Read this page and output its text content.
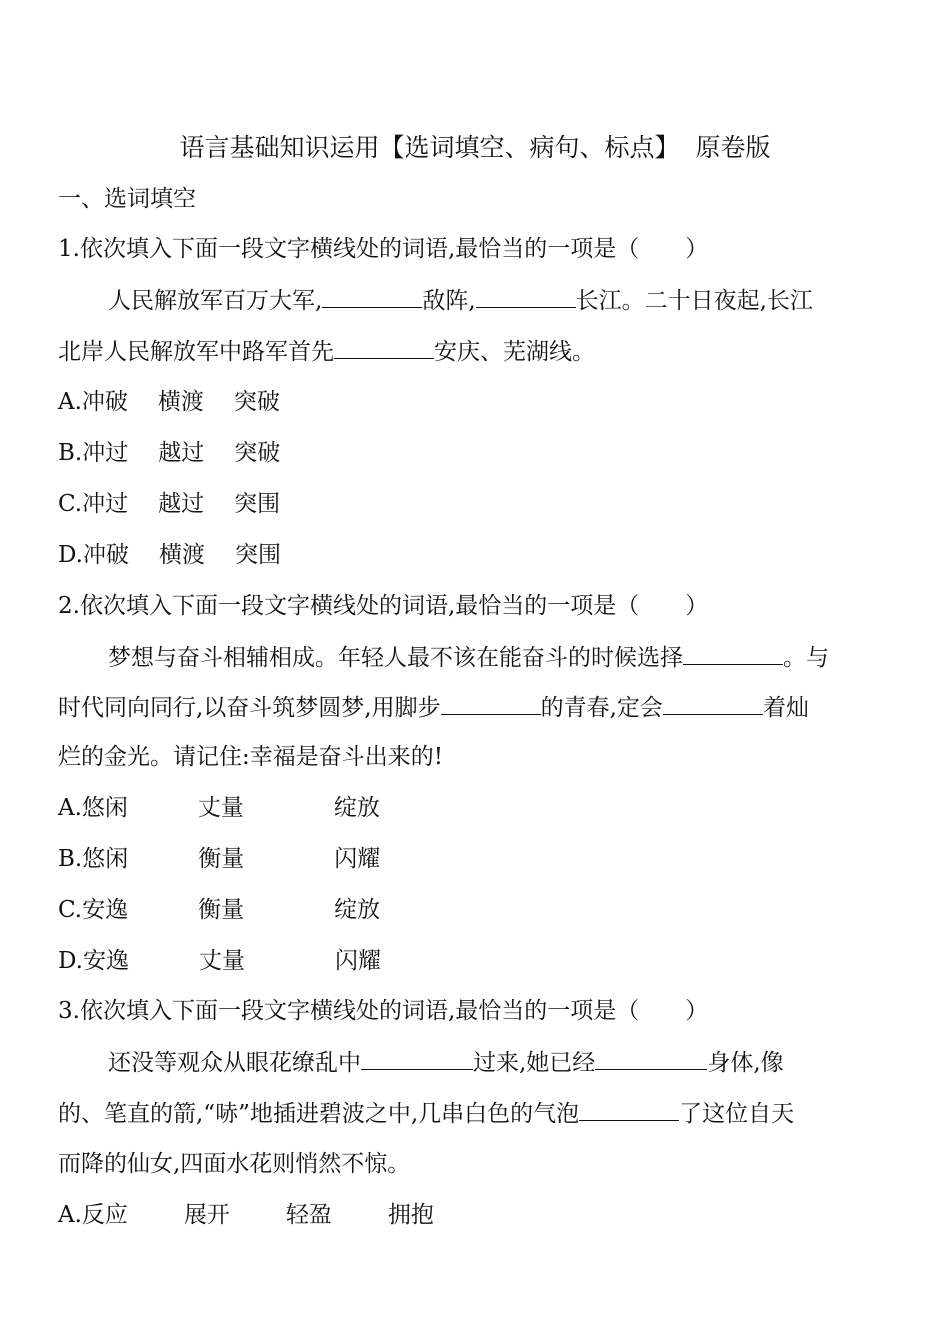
语言基础知识运用【选词填空、病句、标点】  原卷版
一、选词填空
1.依次填入下面一段文字横线处的词语,最恰当的一项是（　　）
人民解放军百万大军,	敌阵,	长江。二十日夜起,长江
北岸人民解放军中路军首先	安庆、芜湖线。
A.冲破 横渡 突破
B.冲过 越过 突破
C.冲过 越过 突围
D.冲破 横渡 突围
2.依次填入下面一段文字横线处的词语,最恰当的一项是（　　）
梦想与奋斗相辅相成。年轻人最不该在能奋斗的时候选择	。与
时代同向同行,以奋斗筑梦圆梦,用脚步	的青春,定会	着灿
烂的金光。请记住:幸福是奋斗出来的!
A.悠闲	丈量	绽放
B.悠闲	衡量	闪耀
C.安逸	衡量	绽放
D.安逸	丈量	闪耀
3.依次填入下面一段文字横线处的词语,最恰当的一项是（　　）
还没等观众从眼花缭乱中	过来,她已经	身体,像
的、笔直的箭,“哧”地插进碧波之中,几串白色的气泡	了这位自天
而降的仙女,四面水花则悄然不惊。
A.反应 展开 轻盈 拥抱
